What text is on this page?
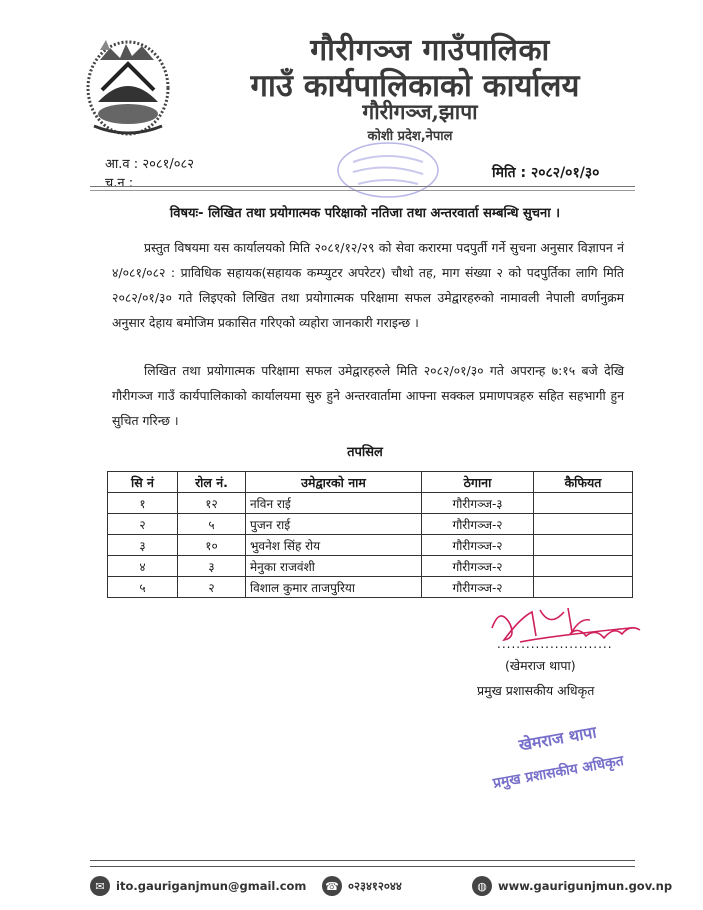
गौरीगञ्ज गाउँपालिका
गाउँ कार्यपालिकाको कार्यालय
गौरीगञ्ज,झापा
कोशी प्रदेश,नेपाल
आ.व : २०८१/०८२
च.न :
मिति : २०८२/०१/३०
विषयः- लिखित तथा प्रयोगात्मक परिक्षाको नतिजा तथा अन्तरवार्ता सम्बन्धि सुचना ।
प्रस्तुत विषयमा यस कार्यालयको मिति २०८१/१२/२९ को सेवा करारमा पदपुर्ती गर्ने सुचना अनुसार विज्ञापन नं ४/०८१/०८२ : प्राविधिक सहायक(सहायक कम्प्युटर अपरेटर) चौथो तह, माग संख्या २ को पदपुर्तिका लागि मिति २०८२/०१/३० गते लिइएको लिखित तथा प्रयोगात्मक परिक्षामा सफल उमेद्वारहरुको नामावली नेपाली वर्णानुक्रम अनुसार देहाय बमोजिम प्रकासित गरिएको व्यहोरा जानकारी गराइन्छ ।
लिखित तथा प्रयोगात्मक परिक्षामा सफल उमेद्वारहरुले मिति २०८२/०१/३० गते अपरान्ह ७:१५ बजे देखि गौरीगञ्ज गाउँ कार्यपालिकाको कार्यालयमा सुरु हुने अन्तरवार्तामा आफ्ना सक्कल प्रमाणपत्रहरु सहित सहभागी हुन सुचित गरिन्छ ।
तपसिल
सि नं	रोल नं.	उमेद्वारको नाम	ठेगाना	कैफियत
१	१२	नविन राई	गौरीगञ्ज-३	
२	५	पुजन राई	गौरीगञ्ज-२	
३	१०	भुवनेश सिंह रोय	गौरीगञ्ज-२	
४	३	मेनुका राजवंशी	गौरीगञ्ज-२	
५	२	विशाल कुमार ताजपुरिया	गौरीगञ्ज-२	
........................
(खेमराज थापा)
प्रमुख प्रशासकीय अधिकृत
खेमराज थापा
प्रमुख प्रशासकीय अधिकृत
✉ ito.gauriganjmun@gmail.com ☎ ०२३४१२०४४	◍ www.gaurigunjmun.gov.np
